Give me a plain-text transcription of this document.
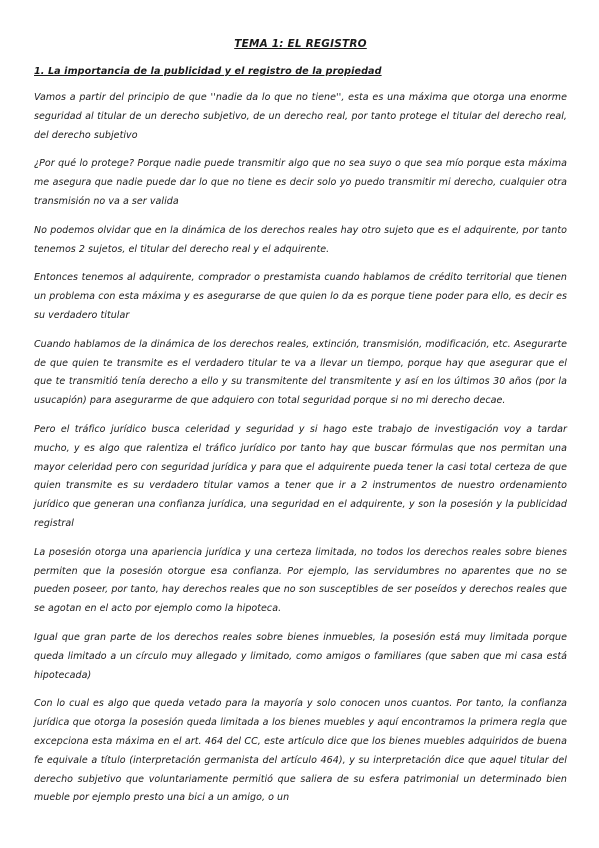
TEMA 1: EL REGISTRO
1. La importancia de la publicidad y el registro de la propiedad

Vamos a partir del principio de que ''nadie da lo que no tiene'', esta es una máxima que otorga una enorme seguridad al titular de un derecho subjetivo, de un derecho real, por tanto protege el titular del derecho real, del derecho subjetivo

¿Por qué lo protege? Porque nadie puede transmitir algo que no sea suyo o que sea mío porque esta máxima me asegura que nadie puede dar lo que no tiene es decir solo yo puedo transmitir mi derecho, cualquier otra transmisión no va a ser valida

No podemos olvidar que en la dinámica de los derechos reales hay otro sujeto que es el adquirente, por tanto tenemos 2 sujetos, el titular del derecho real y el adquirente.

Entonces tenemos al adquirente, comprador o prestamista cuando hablamos de crédito territorial que tienen un problema con esta máxima y es asegurarse de que quien lo da es porque tiene poder para ello, es decir es su verdadero titular

Cuando hablamos de la dinámica de los derechos reales, extinción, transmisión, modificación, etc. Asegurarte de que quien te transmite es el verdadero titular te va a llevar un tiempo, porque hay que asegurar que el que te transmitió tenía derecho a ello y su transmitente del transmitente y así en los últimos 30 años (por la usucapión) para asegurarme de que adquiero con total seguridad porque si no mi derecho decae.

Pero el tráfico jurídico busca celeridad y seguridad y si hago este trabajo de investigación voy a tardar mucho, y es algo que ralentiza el tráfico jurídico por tanto hay que buscar fórmulas que nos permitan una mayor celeridad pero con seguridad jurídica y para que el adquirente pueda tener la casi total certeza de que quien transmite es su verdadero titular vamos a tener que ir a 2 instrumentos de nuestro ordenamiento jurídico que generan una confianza jurídica, una seguridad en el adquirente, y son la posesión y la publicidad registral

La posesión otorga una apariencia jurídica y una certeza limitada, no todos los derechos reales sobre bienes permiten que la posesión otorgue esa confianza. Por ejemplo, las servidumbres no aparentes que no se pueden poseer, por tanto, hay derechos reales que no son susceptibles de ser poseídos y derechos reales que se agotan en el acto por ejemplo como la hipoteca.

Igual que gran parte de los derechos reales sobre bienes inmuebles, la posesión está muy limitada porque queda limitado a un círculo muy allegado y limitado, como amigos o familiares (que saben que mi casa está hipotecada)

Con lo cual es algo que queda vetado para la mayoría y solo conocen unos cuantos. Por tanto, la confianza jurídica que otorga la posesión queda limitada a los bienes muebles y aquí encontramos la primera regla que excepciona esta máxima en el art. 464 del CC, este artículo dice que los bienes muebles adquiridos de buena fe equivale a título (interpretación germanista del artículo 464), y su interpretación dice que aquel titular del derecho subjetivo que voluntariamente permitió que saliera de su esfera patrimonial un determinado bien mueble por ejemplo presto una bici a un amigo, o un
